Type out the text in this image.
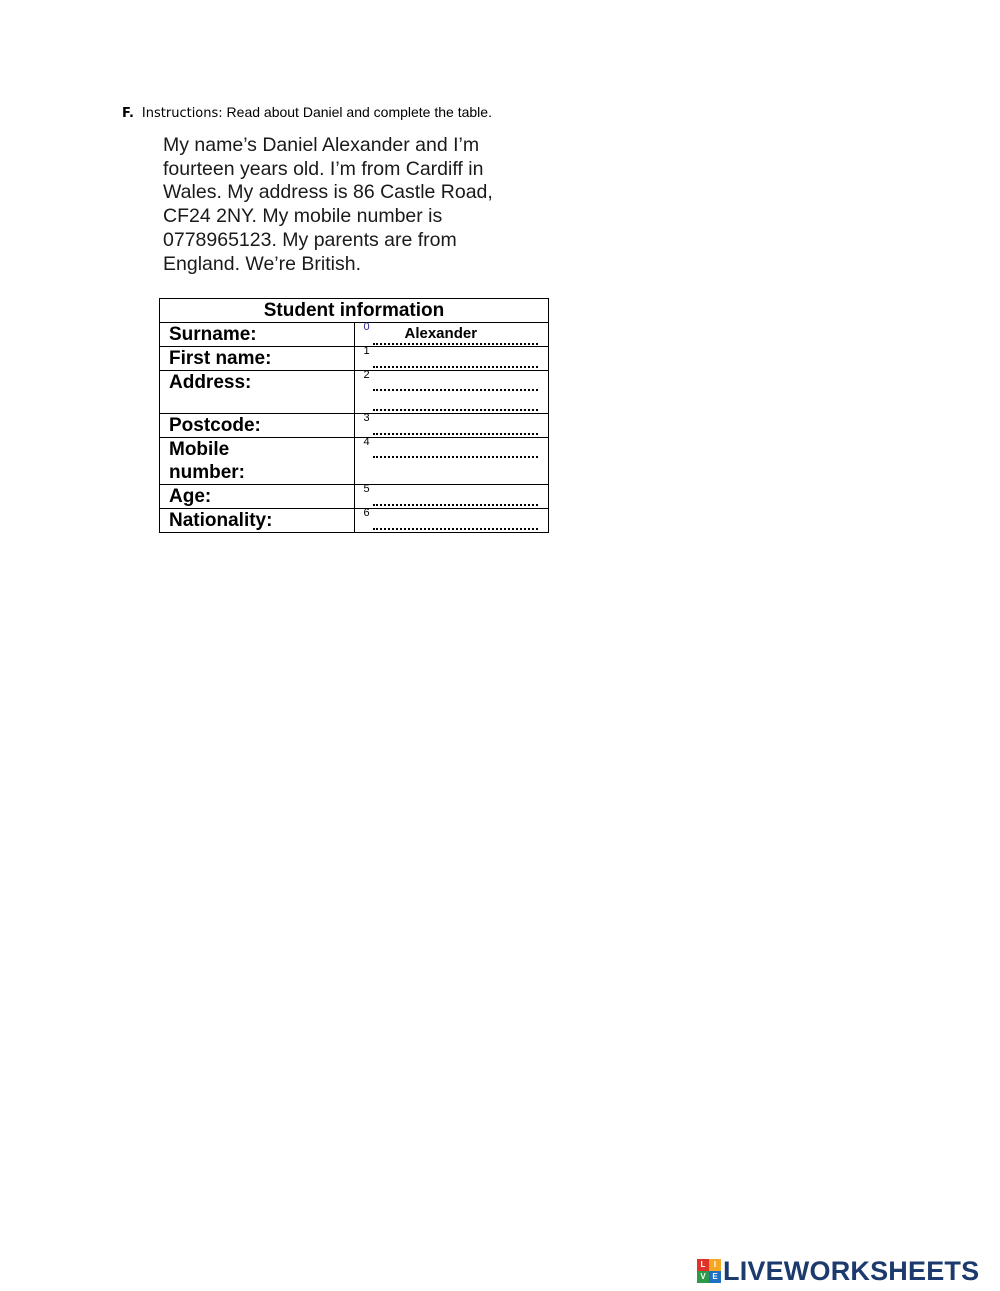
F. Instructions: Read about Daniel and complete the table.
My name’s Daniel Alexander and I’m
fourteen years old. I’m from Cardiff in
Wales. My address is 86 Castle Road,
CF24 2NY. My mobile number is
0778965123. My parents are from
England. We’re British.
Student information	
Surname:	0 Alexander

First name:	1

Address:	2

Postcode:	3

Mobile
number:	4

Age:	5

Nationality:	6
L	I
V E LIVEWORKSHEETS
